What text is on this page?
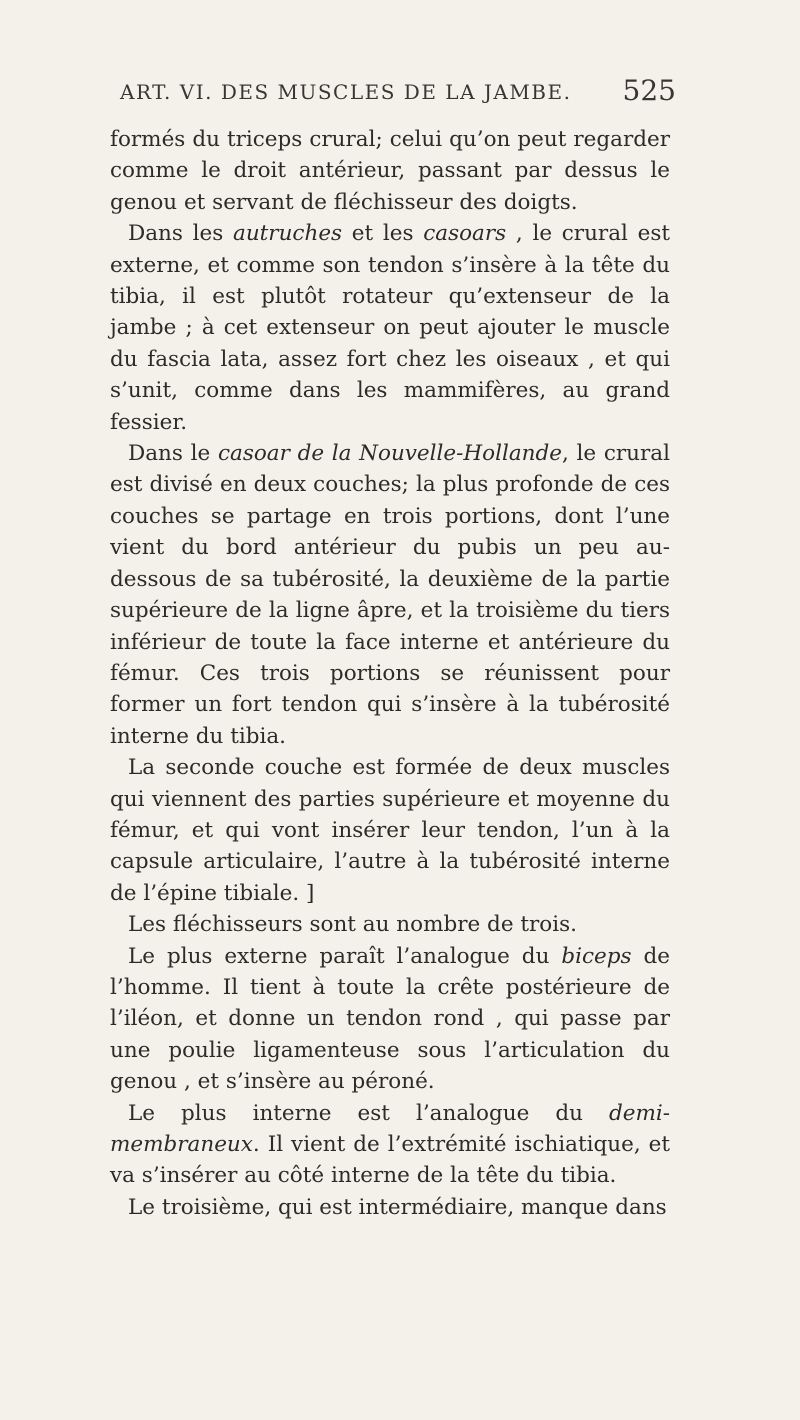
ART. VI. DES MUSCLES DE LA JAMBE. 525

formés du triceps crural; celui qu’on peut regarder comme le droit antérieur, passant par dessus le genou et servant de fléchisseur des doigts.

Dans les autruches et les casoars , le crural est externe, et comme son tendon s’insère à la tête du tibia, il est plutôt rotateur qu’extenseur de la jambe ; à cet extenseur on peut ajouter le muscle du fascia lata, assez fort chez les oiseaux , et qui s’unit, comme dans les mammifères, au grand fessier.

Dans le casoar de la Nouvelle-Hollande, le crural est divisé en deux couches; la plus profonde de ces couches se partage en trois portions, dont l’une vient du bord antérieur du pubis un peu au-dessous de sa tubérosité, la deuxième de la partie supérieure de la ligne âpre, et la troisième du tiers inférieur de toute la face interne et antérieure du fémur. Ces trois portions se réunissent pour former un fort tendon qui s’insère à la tubérosité interne du tibia.

La seconde couche est formée de deux muscles qui viennent des parties supérieure et moyenne du fémur, et qui vont insérer leur tendon, l’un à la capsule articulaire, l’autre à la tubérosité interne de l’épine tibiale. ]

Les fléchisseurs sont au nombre de trois.

Le plus externe paraît l’analogue du biceps de l’homme. Il tient à toute la crête postérieure de l’iléon, et donne un tendon rond , qui passe par une poulie ligamenteuse sous l’articulation du genou , et s’insère au péroné.

Le plus interne est l’analogue du demi-membraneux. Il vient de l’extrémité ischiatique, et va s’insérer au côté interne de la tête du tibia.

Le troisième, qui est intermédiaire, manque dans
